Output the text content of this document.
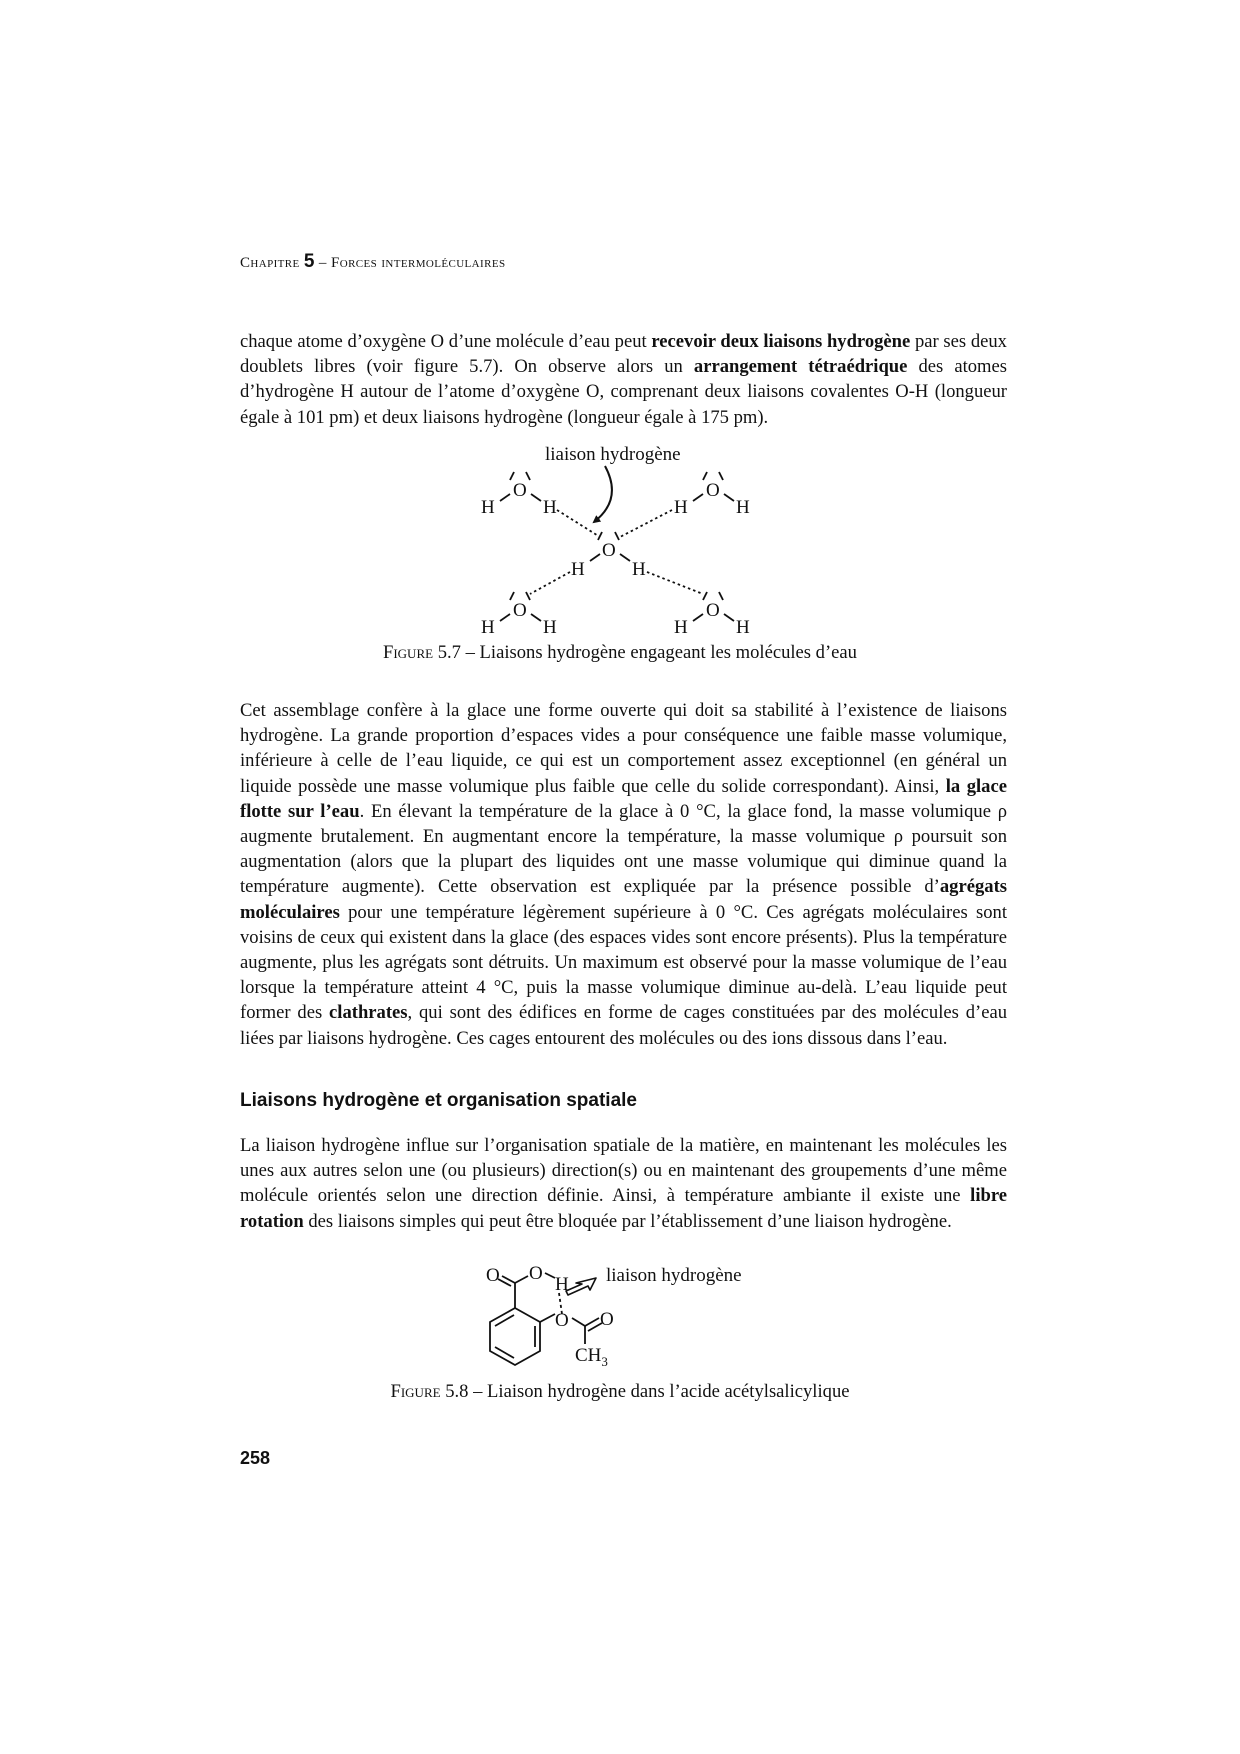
Chapitre 5 – Forces intermoléculaires

chaque atome d’oxygène O d’une molécule d’eau peut recevoir deux liaisons hydrogène par ses deux doublets libres (voir figure 5.7). On observe alors un arrangement tétraédrique des atomes d’hydrogène H autour de l’atome d’oxygène O, comprenant deux liaisons covalentes O-H (longueur égale à 101 pm) et deux liaisons hydrogène (longueur égale à 175 pm).

liaison hydrogène
O
H	H
O
H	H
O
H H
O
H	H
O
H	H
Figure 5.7 – Liaisons hydrogène engageant les molécules d’eau

Cet assemblage confère à la glace une forme ouverte qui doit sa stabilité à l’existence de liaisons hydrogène. La grande proportion d’espaces vides a pour conséquence une faible masse volumique, inférieure à celle de l’eau liquide, ce qui est un comportement assez exceptionnel (en général un liquide possède une masse volumique plus faible que celle du solide correspondant). Ainsi, la glace flotte sur l’eau. En élevant la température de la glace à 0 °C, la glace fond, la masse volumique ρ augmente brutalement. En augmentant encore la température, la masse volumique ρ poursuit son augmentation (alors que la plupart des liquides ont une masse volumique qui diminue quand la température augmente). Cette observation est expliquée par la présence possible d’agrégats moléculaires pour une température légèrement supérieure à 0 °C. Ces agrégats moléculaires sont voisins de ceux qui existent dans la glace (des espaces vides sont encore présents). Plus la température augmente, plus les agrégats sont détruits. Un maximum est observé pour la masse volumique de l’eau lorsque la température atteint 4 °C, puis la masse volumique diminue au-delà. L’eau liquide peut former des clathrates, qui sont des édifices en forme de cages constituées par des molécules d’eau liées par liaisons hydrogène. Ces cages entourent des molécules ou des ions dissous dans l’eau.

Liaisons hydrogène et organisation spatiale

La liaison hydrogène influe sur l’organisation spatiale de la matière, en maintenant les molécules les unes aux autres selon une (ou plusieurs) direction(s) ou en maintenant des groupements d’une même molécule orientés selon une direction définie. Ainsi, à température ambiante il existe une libre rotation des liaisons simples qui peut être bloquée par l’établissement d’une liaison hydrogène.

O O
H
O O
$CH_3$
liaison hydrogène
Figure 5.8 – Liaison hydrogène dans l’acide acétylsalicylique
258
